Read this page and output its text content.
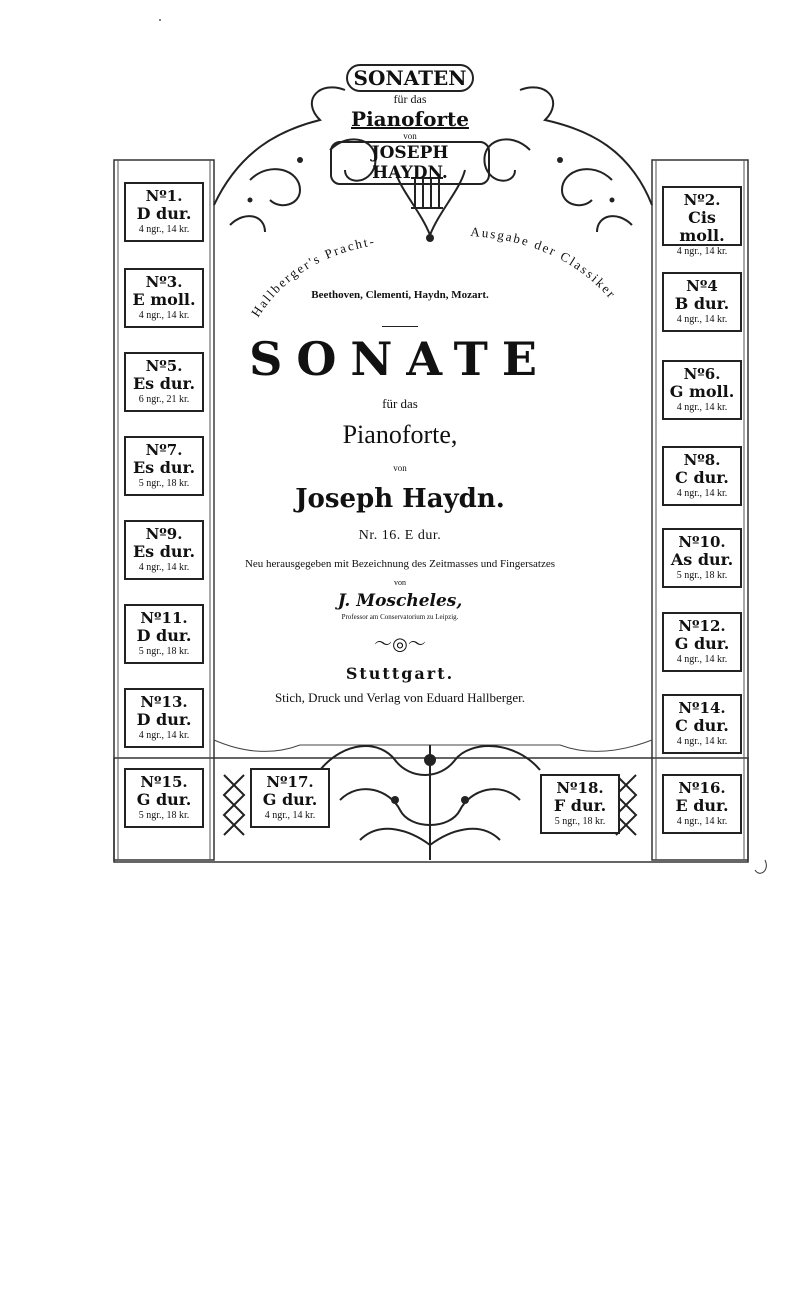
SONATEN
für das
Pianoforte
von
JOSEPH HAYDN.
Hallberger's Pracht-
Ausgabe der Classiker
Beethoven, Clementi, Haydn, Mozart.
SONATE
für das
Pianoforte,
von
Joseph Haydn.
Nr. 16. E dur.
Neu herausgegeben mit Bezeichnung des Zeitmasses und Fingersatzes
von
J. Moscheles,
Professor am Conservatorium zu Leipzig.
〜◎〜
Stuttgart.
Stich, Druck und Verlag von Eduard Hallberger.
Nº1.
D dur.
4 ngr., 14 kr.
Nº2.
Cis moll.
4 ngr., 14 kr.
Nº3.
E moll.
4 ngr., 14 kr.
Nº4
B dur.
4 ngr., 14 kr.
Nº5.
Es dur.
6 ngr., 21 kr.
Nº6.
G moll.
4 ngr., 14 kr.
Nº7.
Es dur.
5 ngr., 18 kr.
Nº8.
C dur.
4 ngr., 14 kr.
Nº9.
Es dur.
4 ngr., 14 kr.
Nº10.
As dur.
5 ngr., 18 kr.
Nº11.
D dur.
5 ngr., 18 kr.
Nº12.
G dur.
4 ngr., 14 kr.
Nº13.
D dur.
4 ngr., 14 kr.
Nº14.
C dur.
4 ngr., 14 kr.
Nº15.
G dur.
5 ngr., 18 kr.
Nº16.
E dur.
4 ngr., 14 kr.
Nº17.
G dur.
4 ngr., 14 kr.
Nº18.
F dur.
5 ngr., 18 kr.
